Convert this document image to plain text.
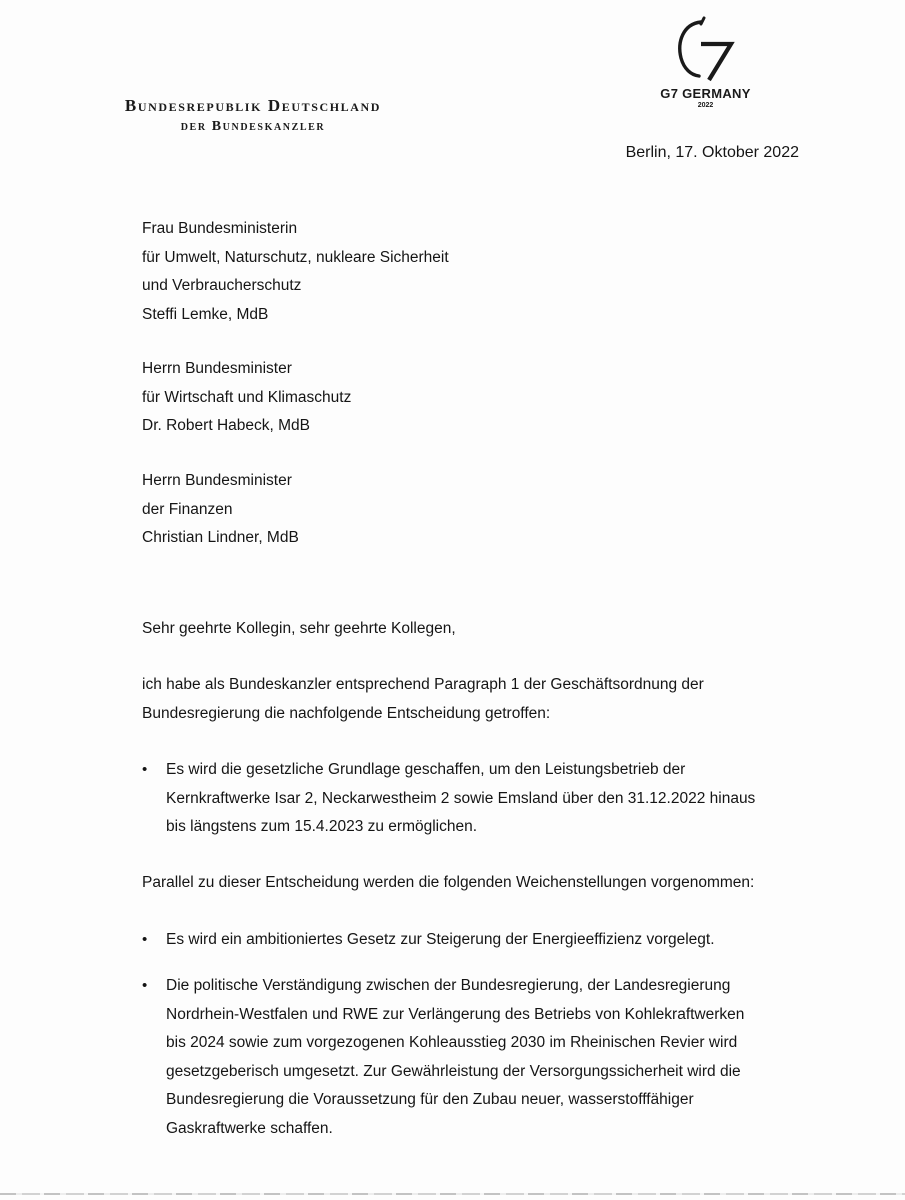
Bundesrepublik Deutschland
der Bundeskanzler
G7 GERMANY
2022
Berlin, 17. Oktober 2022
Frau Bundesministerin
für Umwelt, Naturschutz, nukleare Sicherheit
und Verbraucherschutz
Steffi Lemke, MdB
Herrn Bundesminister
für Wirtschaft und Klimaschutz
Dr. Robert Habeck, MdB
Herrn Bundesminister
der Finanzen
Christian Lindner, MdB
Sehr geehrte Kollegin, sehr geehrte Kollegen,
ich habe als Bundeskanzler entsprechend Paragraph 1 der Geschäftsordnung der
Bundesregierung die nachfolgende Entscheidung getroffen:
• Es wird die gesetzliche Grundlage geschaffen, um den Leistungsbetrieb der
Kernkraftwerke Isar 2, Neckarwestheim 2 sowie Emsland über den 31.12.2022 hinaus
bis längstens zum 15.4.2023 zu ermöglichen.
Parallel zu dieser Entscheidung werden die folgenden Weichenstellungen vorgenommen:
• Es wird ein ambitioniertes Gesetz zur Steigerung der Energieeffizienz vorgelegt.
• Die politische Verständigung zwischen der Bundesregierung, der Landesregierung
Nordrhein-Westfalen und RWE zur Verlängerung des Betriebs von Kohlekraftwerken
bis 2024 sowie zum vorgezogenen Kohleausstieg 2030 im Rheinischen Revier wird
gesetzgeberisch umgesetzt. Zur Gewährleistung der Versorgungssicherheit wird die
Bundesregierung die Voraussetzung für den Zubau neuer, wasserstofffähiger
Gaskraftwerke schaffen.
